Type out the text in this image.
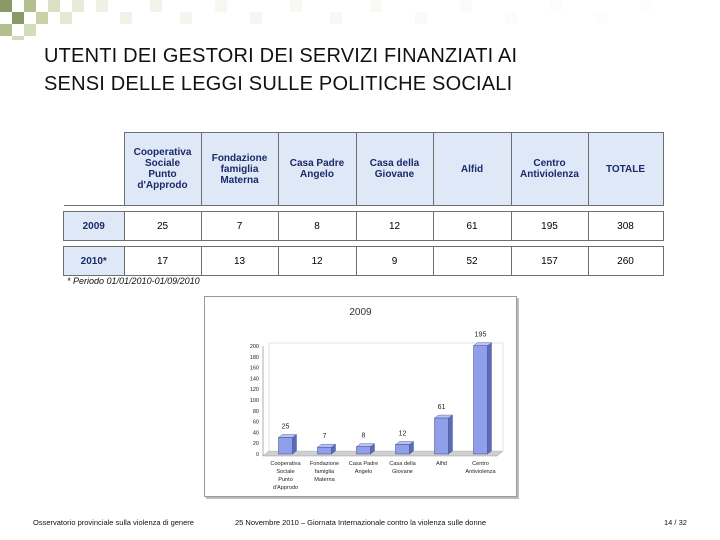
UTENTI DEI GESTORI DEI SERVIZI FINANZIATI AI
SENSI DELLE LEGGI SULLE POLITICHE SOCIALI
	Cooperativa
Sociale
Punto
d'Approdo	Fondazione
famiglia
Materna	Casa Padre
Angelo	Casa della
Giovane	Alfid	Centro
Antiviolenza	TOTALE

2009	25	7	8	12	61	195	308

2010*	17	13	12	9	52	157	260
* Periodo 01/01/2010-01/09/2010
2009
0
20
40
60
80
100
120
140
160
180
200
25
Cooperativa
Sociale
Punto
d'Approdo
7
Fondazione
famiglia
Materna
8
Casa Padre
Angelo
12
Casa della
Giovane
61
Alfid
195
Centro
Antiviolenza
Osservatorio provinciale sulla violenza di genere	25 Novembre 2010 – Giornata Internazionale contro la violenza sulle donne	14 / 32
